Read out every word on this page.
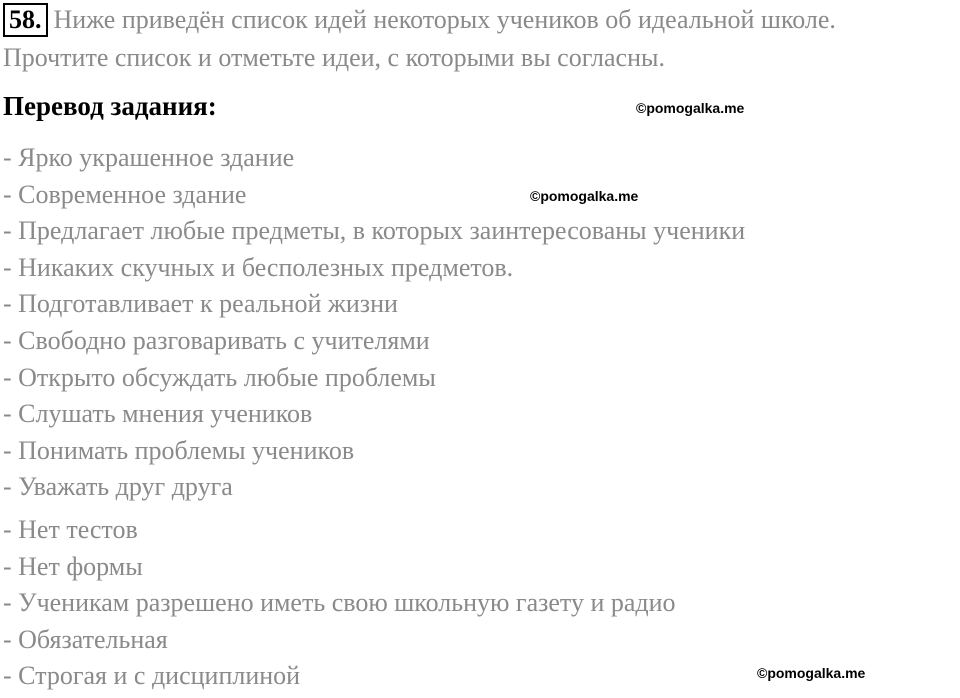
58. Ниже приведён список идей некоторых учеников об идеальной школе.
Прочтите список и отметьте идеи, с которыми вы согласны.
Перевод задания:	©pomogalka.me
©pomogalka.me
©pomogalka.me
- Ярко украшенное здание
- Современное здание
- Предлагает любые предметы, в которых заинтересованы ученики
- Никаких скучных и бесполезных предметов.
- Подготавливает к реальной жизни
- Свободно разговаривать с учителями
- Открыто обсуждать любые проблемы
- Слушать мнения учеников
- Понимать проблемы учеников
- Уважать друг друга
- Нет тестов
- Нет формы
- Ученикам разрешено иметь свою школьную газету и радио
- Обязательная
- Строгая и с дисциплиной
